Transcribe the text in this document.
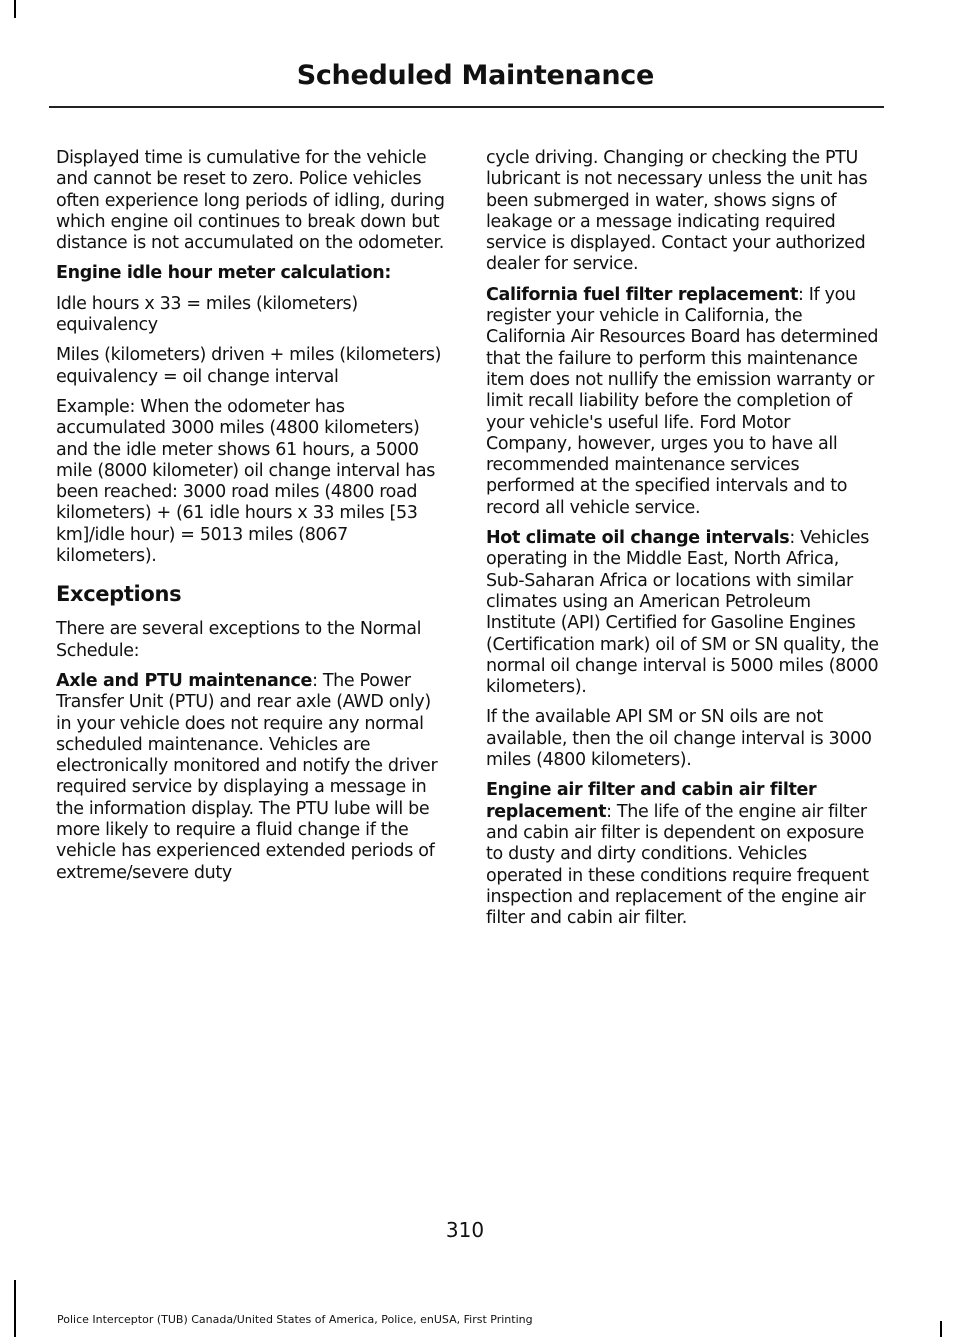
Scheduled Maintenance

Displayed time is cumulative for the vehicle and cannot be reset to zero. Police vehicles often experience long periods of idling, during which engine oil continues to break down but distance is not accumulated on the odometer.

Engine idle hour meter calculation:

Idle hours x 33 = miles (kilometers) equivalency

Miles (kilometers) driven + miles (kilometers) equivalency = oil change interval

Example: When the odometer has accumulated 3000 miles (4800 kilometers) and the idle meter shows 61 hours, a 5000 mile (8000 kilometer) oil change interval has been reached: 3000 road miles (4800 road kilometers) + (61 idle hours x 33 miles [53 km]/idle hour) = 5013 miles (8067 kilometers).

Exceptions

There are several exceptions to the Normal Schedule:

Axle and PTU maintenance: The Power Transfer Unit (PTU) and rear axle (AWD only) in your vehicle does not require any normal scheduled maintenance. Vehicles are electronically monitored and notify the driver required service by displaying a message in the information display. The PTU lube will be more likely to require a fluid change if the vehicle has experienced extended periods of extreme/severe duty

cycle driving. Changing or checking the PTU lubricant is not necessary unless the unit has been submerged in water, shows signs of leakage or a message indicating required service is displayed. Contact your authorized dealer for service.

California fuel filter replacement: If you register your vehicle in California, the California Air Resources Board has determined that the failure to perform this maintenance item does not nullify the emission warranty or limit recall liability before the completion of your vehicle's useful life. Ford Motor Company, however, urges you to have all recommended maintenance services performed at the specified intervals and to record all vehicle service.

Hot climate oil change intervals: Vehicles operating in the Middle East, North Africa, Sub-Saharan Africa or locations with similar climates using an American Petroleum Institute (API) Certified for Gasoline Engines (Certification mark) oil of SM or SN quality, the normal oil change interval is 5000 miles (8000 kilometers).

If the available API SM or SN oils are not available, then the oil change interval is 3000 miles (4800 kilometers).

Engine air filter and cabin air filter replacement: The life of the engine air filter and cabin air filter is dependent on exposure to dusty and dirty conditions. Vehicles operated in these conditions require frequent inspection and replacement of the engine air filter and cabin air filter.

310
Police Interceptor (TUB) Canada/United States of America, Police, enUSA, First Printing
